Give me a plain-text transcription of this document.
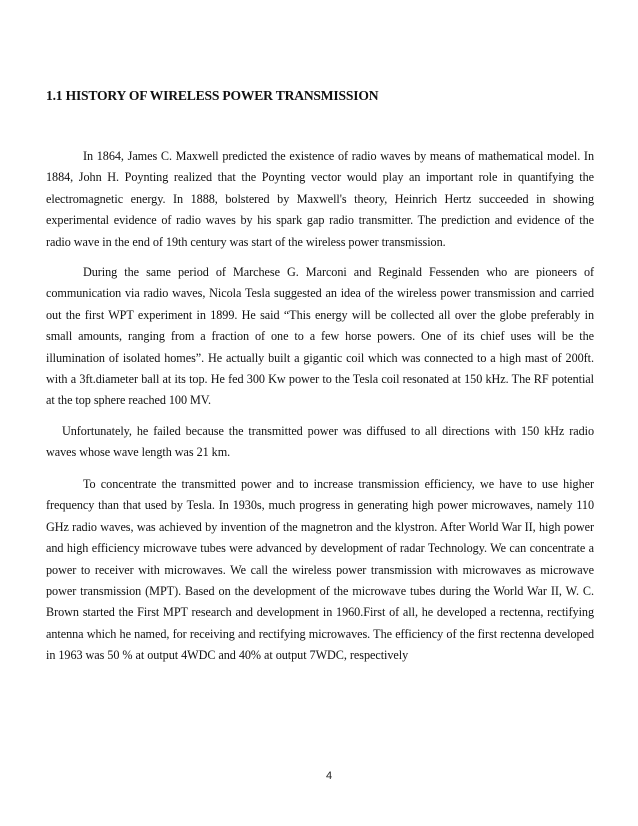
1.1 HISTORY OF WIRELESS POWER TRANSMISSION

In 1864, James C. Maxwell predicted the existence of radio waves by means of mathematical model. In 1884, John H. Poynting realized that the Poynting vector would play an important role in quantifying the electromagnetic energy. In 1888, bolstered by Maxwell's theory, Heinrich Hertz succeeded in showing experimental evidence of radio waves by his spark gap radio transmitter. The prediction and evidence of the radio wave in the end of 19th century was start of the wireless power transmission.

During the same period of Marchese G. Marconi and Reginald Fessenden who are pioneers of communication via radio waves, Nicola Tesla suggested an idea of the wireless power transmission and carried out the first WPT experiment in 1899. He said “This energy will be collected all over the globe preferably in small amounts, ranging from a fraction of one to a few horse powers. One of its chief uses will be the illumination of isolated homes”. He actually built a gigantic coil which was connected to a high mast of 200ft. with a 3ft.diameter ball at its top. He fed 300 Kw power to the Tesla coil resonated at 150 kHz. The RF potential at the top sphere reached 100 MV.

Unfortunately, he failed because the transmitted power was diffused to all directions with 150 kHz radio waves whose wave length was 21 km.

To concentrate the transmitted power and to increase transmission efficiency, we have to use higher frequency than that used by Tesla. In 1930s, much progress in generating high power microwaves, namely 110 GHz radio waves, was achieved by invention of the magnetron and the klystron. After World War II, high power and high efficiency microwave tubes were advanced by development of radar Technology. We can concentrate a power to receiver with microwaves. We call the wireless power transmission with microwaves as microwave power transmission (MPT). Based on the development of the microwave tubes during the World War II, W. C. Brown started the First MPT research and development in 1960.First of all, he developed a rectenna, rectifying antenna which he named, for receiving and rectifying microwaves. The efficiency of the first rectenna developed in 1963 was 50 % at output 4WDC and 40% at output 7WDC, respectively

4
